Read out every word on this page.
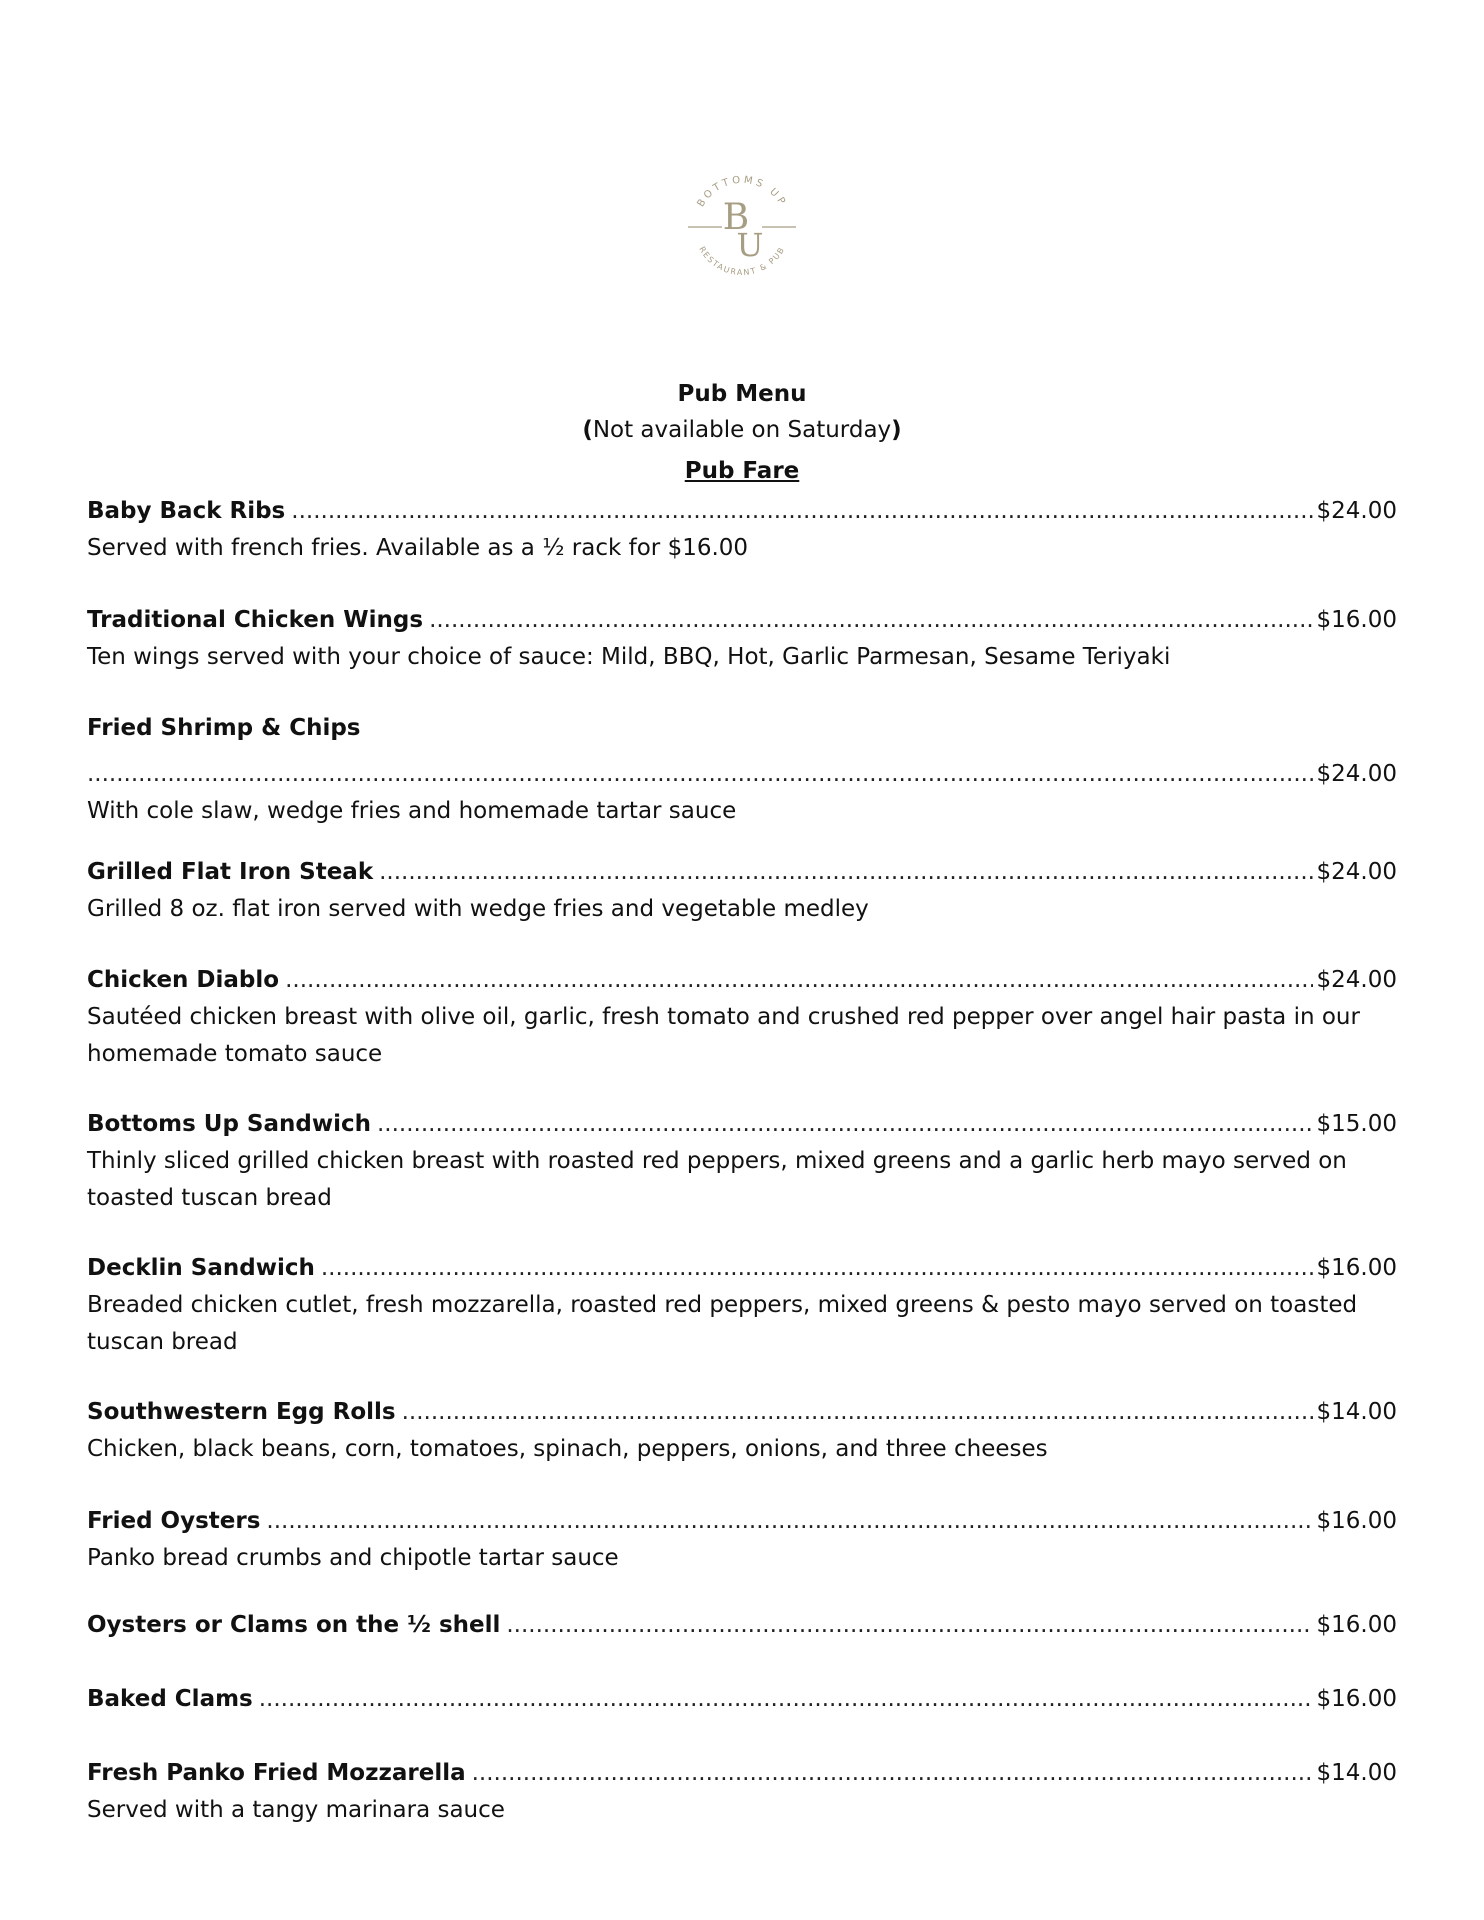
BOTTOMS UP
RESTAURANT & PUB
B
U
Pub Menu
(Not available on Saturday)
Pub Fare
Baby Back Ribs .....	$24.00
Served with french fries. Available as a ½ rack for $16.00
Traditional Chicken Wings .....	$16.00
Ten wings served with your choice of sauce: Mild, BBQ, Hot, Garlic Parmesan, Sesame Teriyaki
Fried Shrimp & Chips
.....
$24.00
With cole slaw, wedge fries and homemade tartar sauce
Grilled Flat Iron Steak .....	$24.00
Grilled 8 oz. flat iron served with wedge fries and vegetable medley
Chicken Diablo .....	$24.00
Sautéed chicken breast with olive oil, garlic, fresh tomato and crushed red pepper over angel hair pasta in our homemade tomato sauce
Bottoms Up Sandwich .....	$15.00
Thinly sliced grilled chicken breast with roasted red peppers, mixed greens and a garlic herb mayo served on toasted tuscan bread
Decklin Sandwich .....	$16.00
Breaded chicken cutlet, fresh mozzarella, roasted red peppers, mixed greens & pesto mayo served on toasted tuscan bread
Southwestern Egg Rolls .....	$14.00
Chicken, black beans, corn, tomatoes, spinach, peppers, onions, and three cheeses
Fried Oysters .....	$16.00
Panko bread crumbs and chipotle tartar sauce
Oysters or Clams on the ½ shell .....	$16.00
Baked Clams .....	$16.00
Fresh Panko Fried Mozzarella .....	$14.00
Served with a tangy marinara sauce
